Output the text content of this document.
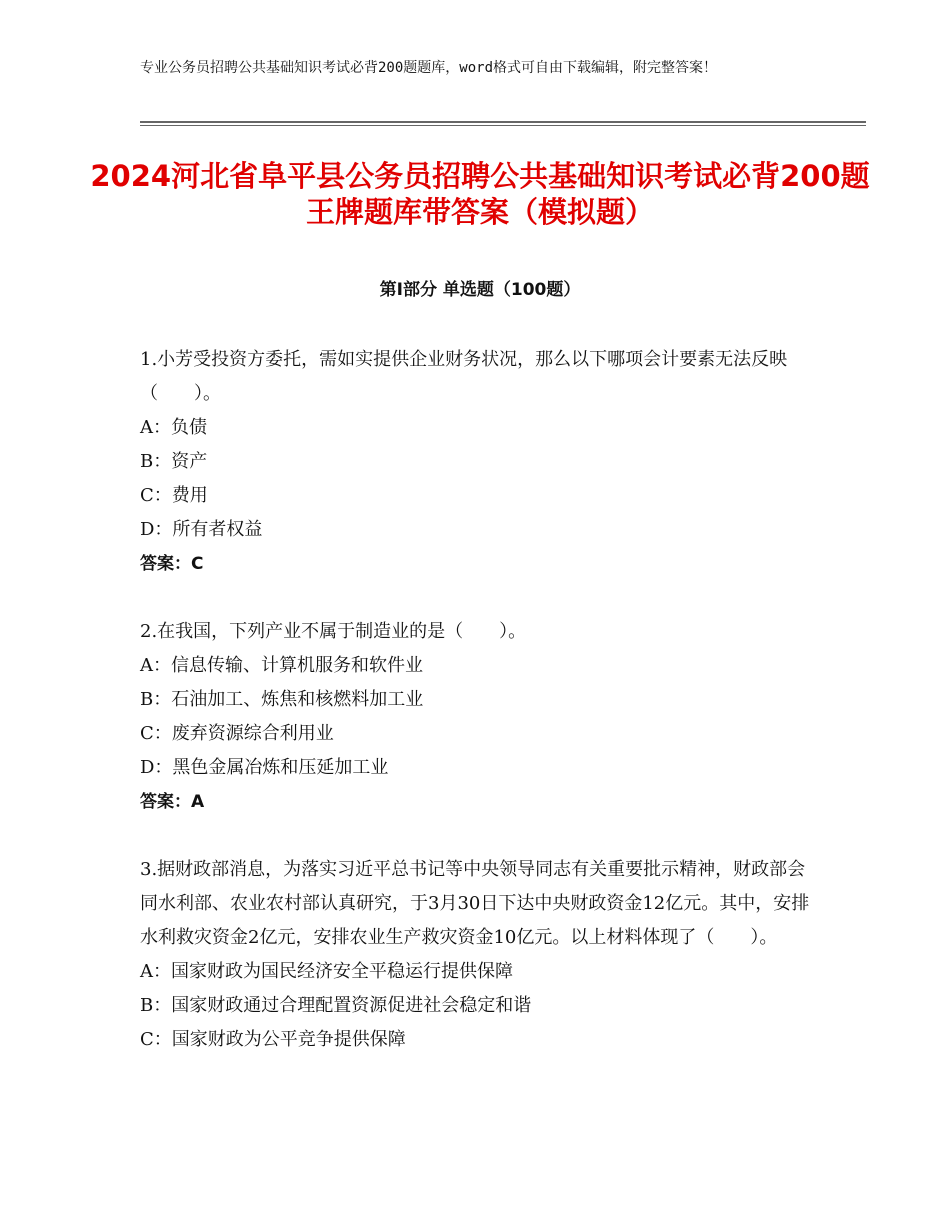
专业公务员招聘公共基础知识考试必背200题题库，word格式可自由下载编辑，附完整答案！
2024河北省阜平县公务员招聘公共基础知识考试必背200题王牌题库带答案（模拟题）
第Ⅰ部分 单选题（100题）

1.小芳受投资方委托，需如实提供企业财务状况，那么以下哪项会计要素无法反映（　　）。

A：负债

B：资产

C：费用

D：所有者权益

答案：C

2.在我国，下列产业不属于制造业的是（　　）。

A：信息传输、计算机服务和软件业

B：石油加工、炼焦和核燃料加工业

C：废弃资源综合利用业

D：黑色金属冶炼和压延加工业

答案：A

3.据财政部消息，为落实习近平总书记等中央领导同志有关重要批示精神，财政部会同水利部、农业农村部认真研究，于3月30日下达中央财政资金12亿元。其中，安排水利救灾资金2亿元，安排农业生产救灾资金10亿元。以上材料体现了（　　）。

A：国家财政为国民经济安全平稳运行提供保障

B：国家财政通过合理配置资源促进社会稳定和谐

C：国家财政为公平竞争提供保障
